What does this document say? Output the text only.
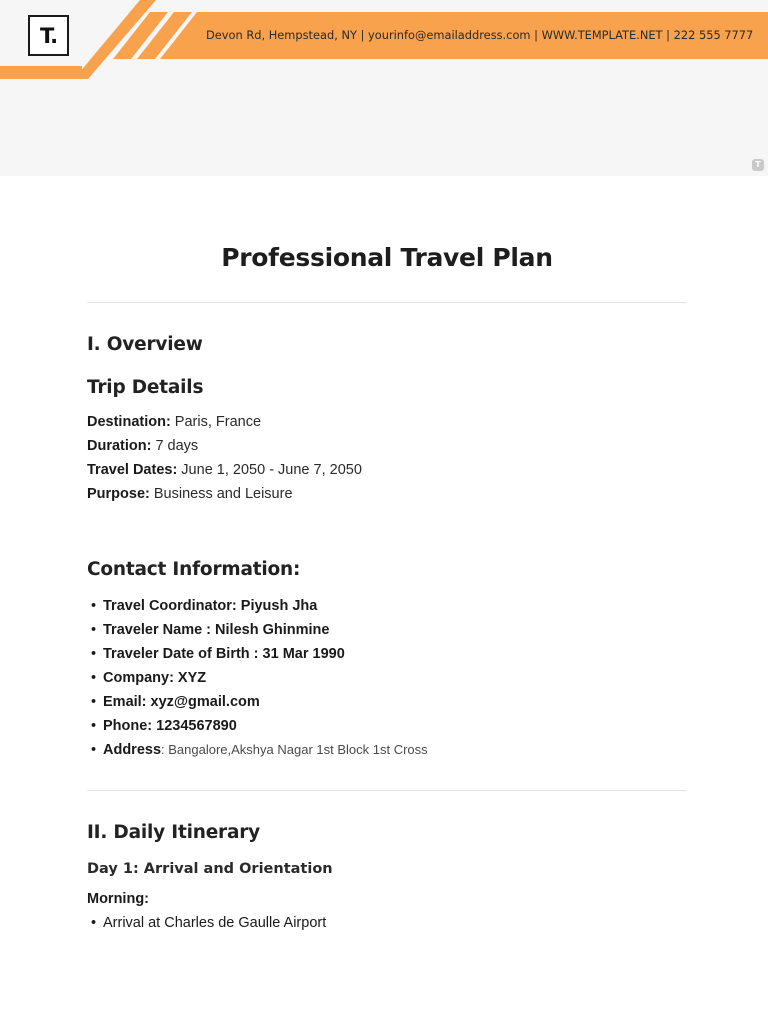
T.	Devon Rd, Hempstead, NY | yourinfo@emailaddress.com | WWW.TEMPLATE.NET | 222 555 7777
T
Professional Travel Plan
I. Overview
Trip Details
Destination: Paris, France
Duration: 7 days
Travel Dates: June 1, 2050 - June 7, 2050
Purpose: Business and Leisure
Contact Information:
• Travel Coordinator: Piyush Jha
• Traveler Name : Nilesh Ghinmine
• Traveler Date of Birth : 31 Mar 1990
• Company: XYZ
• Email: xyz@gmail.com
• Phone: 1234567890
• Address: Bangalore,Akshya Nagar 1st Block 1st Cross
II. Daily Itinerary
Day 1: Arrival and Orientation
Morning:
• Arrival at Charles de Gaulle Airport
